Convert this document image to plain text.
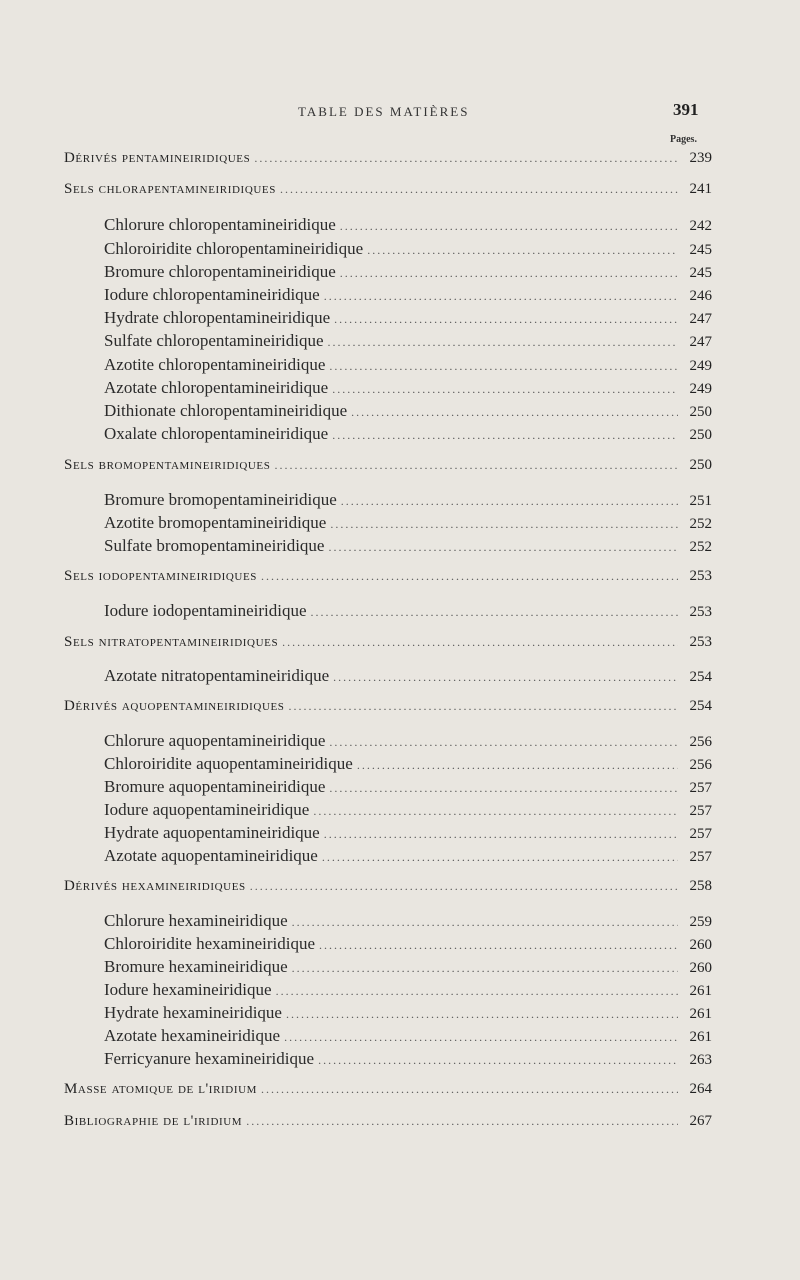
TABLE DES MATIÈRES	391
Pages.
Dérivés pentamineiridiques .....	239
Sels chlorapentamineiridiques .....	241
Chlorure chloropentamineiridique .....	242
Chloroiridite chloropentamineiridique .....	245
Bromure chloropentamineiridique .....	245
Iodure chloropentamineiridique .....	246
Hydrate chloropentamineiridique .....	247
Sulfate chloropentamineiridique .....	247
Azotite chloropentamineiridique .....	249
Azotate chloropentamineiridique .....	249
Dithionate chloropentamineiridique .....	250
Oxalate chloropentamineiridique .....	250
Sels bromopentamineiridiques .....	250
Bromure bromopentamineiridique .....	251
Azotite bromopentamineiridique .....	252
Sulfate bromopentamineiridique .....	252
Sels iodopentamineiridiques .....	253
Iodure iodopentamineiridique .....	253
Sels nitratopentamineiridiques .....	253
Azotate nitratopentamineiridique .....	254
Dérivés aquopentamineiridiques .....	254
Chlorure aquopentamineiridique .....	256
Chloroiridite aquopentamineiridique .....	256
Bromure aquopentamineiridique .....	257
Iodure aquopentamineiridique .....	257
Hydrate aquopentamineiridique .....	257
Azotate aquopentamineiridique .....	257
Dérivés hexamineiridiques .....	258
Chlorure hexamineiridique .....	259
Chloroiridite hexamineiridique .....	260
Bromure hexamineiridique .....	260
Iodure hexamineiridique .....	261
Hydrate hexamineiridique .....	261
Azotate hexamineiridique .....	261
Ferricyanure hexamineiridique .....	263
Masse atomique de l'iridium .....	264
Bibliographie de l'iridium .....	267
